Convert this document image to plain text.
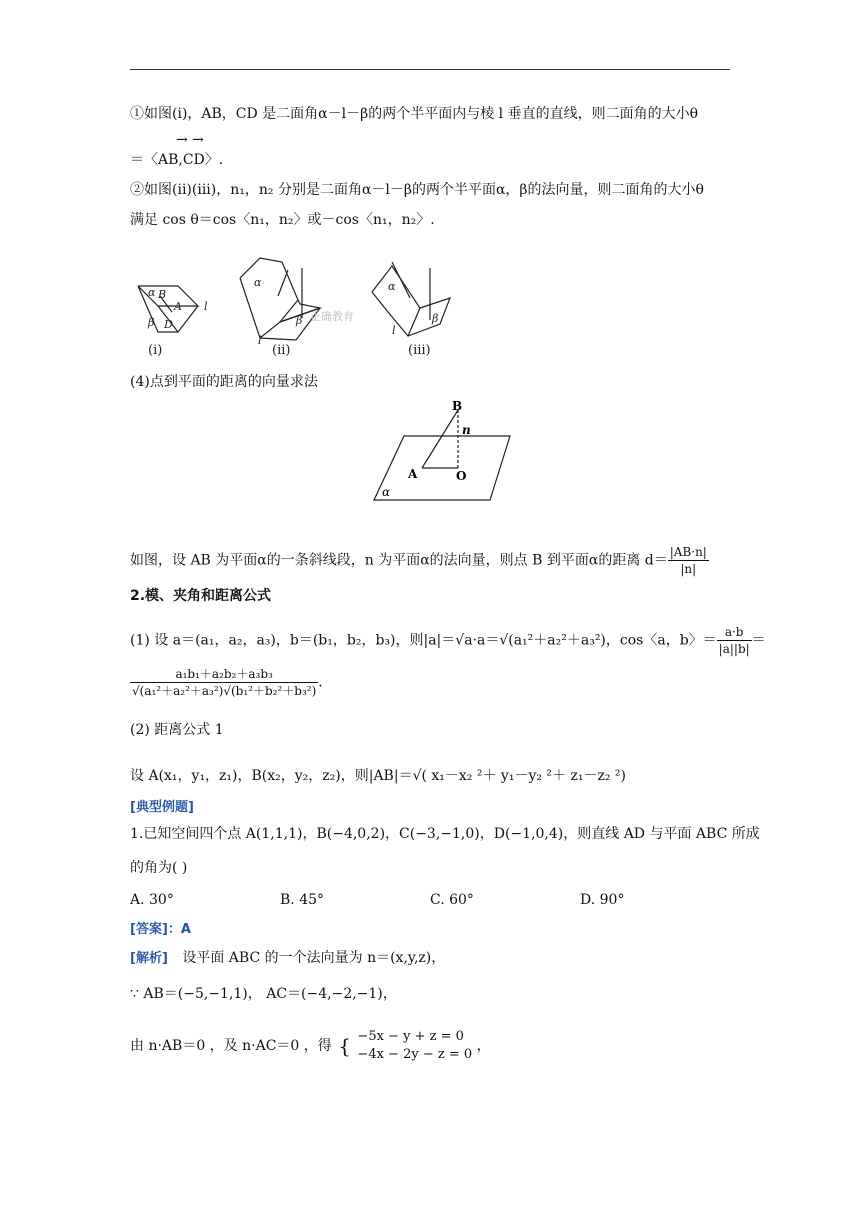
①如图(i)，AB，CD 是二面角α－l－β的两个半平面内与棱 l 垂直的直线，则二面角的大小θ
→ →
＝〈AB,CD〉.
②如图(ii)(iii)，n₁，n₂ 分别是二面角α－l－β的两个半平面α，β的法向量，则二面角的大小θ
满足 cos θ＝cos〈n₁，n₂〉或－cos〈n₁，n₂〉.
α B
A
β D
l
α
l
β
α
l
β
(ⅰ)	(ⅱ)	(ⅲ)
正确教育
(4)点到平面的距离的向量求法
B
n
A	O
α
如图，设 AB 为平面α的一条斜线段，n 为平面α的法向量，则点 B 到平面α的距离 $d= \frac{|AB\cdot n|}{|n|}$
2.模、夹角和距离公式
(1) 设 a＝(a₁，a₂，a₃)，b＝(b₁，b₂，b₃)，则|a|＝√a·a＝√(a₁²＋a₂²＋a₃²)，cos〈a，b〉＝ $\frac{a\cdot b}{|a||b|}$ ＝
$\frac{\text{a₁b₁＋a₂b₂＋a₃b₃}}{\text{√(a₁²＋a₂²＋a₃²)√(b₁²＋b₂²＋b₃²)}}$ .
(2) 距离公式 1
设 A(x₁，y₁，z₁)，B(x₂，y₂，z₂)，则|AB|＝√( x₁－x₂ ²＋ y₁－y₂ ²＋ z₁－z₂ ²)
[典型例题]
1.已知空间四个点 A(1,1,1)，B(−4,0,2)，C(−3,−1,0)，D(−1,0,4)，则直线 AD 与平面 ABC 所成
的角为( )
A. 30°	B. 45°	C. 60°	D. 90°
[答案]：A
[解析] 设平面 ABC 的一个法向量为 n＝(x,y,z)，
∵ AB＝(−5,−1,1)， AC＝(−4,−2,−1)，
由 n·AB＝0 ，及 n·AC＝0 ，得 { −5x − y + z = 0
−4x − 2y − z = 0
，
